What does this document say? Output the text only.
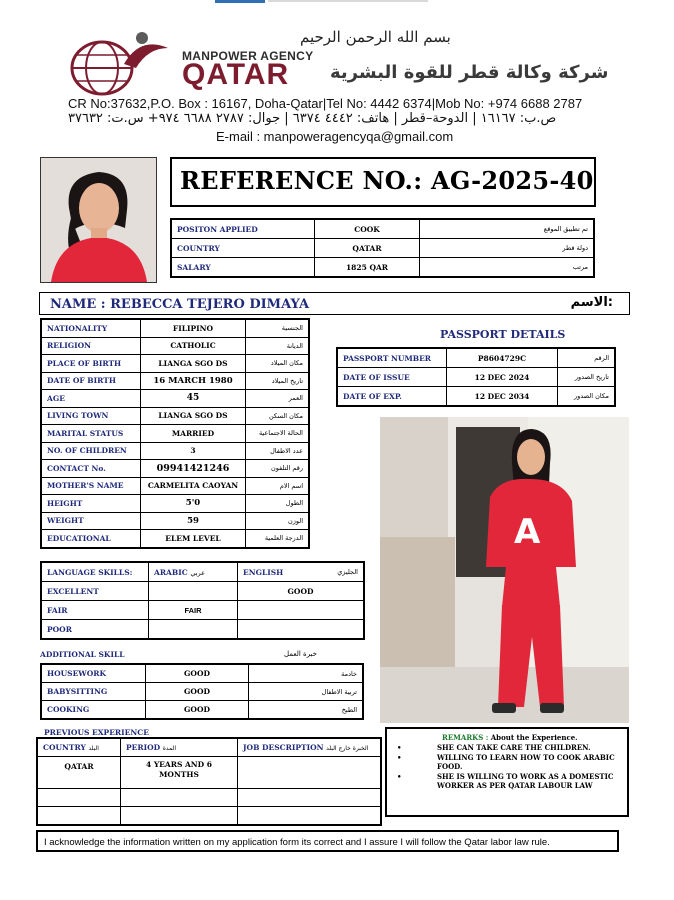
بسم الله الرحمن الرحيم
MANPOWER AGENCY
QATAR شركة وكالة قطر للقوة البشرية
CR No:37632,P.O. Box : 16167, Doha-Qatar|Tel No: 4442 6374|Mob No: +974 6688 2787
ص.ب: ١٦١٦٧ | الدوحة–قطر | هاتف: ٤٤٤٢ ٦٣٧٤ | جوال: ٢٧٨٧ ٦٦٨٨ ٩٧٤+ س.ت: ٣٧٦٣٢
E-mail : manpoweragencyqa@gmail.com
REFERENCE NO.: AG-2025-40
POSITON APPLIED	COOK	تم تطبيق الموقع
COUNTRY	QATAR	دولة قطر
SALARY	1825 QAR	مرتب
NAME : REBECCA TEJERO DIMAYA	الاسم:
NATIONALITY	FILIPINO	الجنسية
RELIGION	CATHOLIC	الديانة
PLACE OF BIRTH	LIANGA SGO DS	مكان الميلاد
DATE OF BIRTH	16 MARCH 1980	تاريخ الميلاد
AGE	45	العمر
LIVING TOWN	LIANGA SGO DS	مكان السكن
MARITAL STATUS	MARRIED	الحالة الاجتماعية
NO. OF CHILDREN	3	عدد الاطفال
CONTACT No.	09941421246	رقم التلفون
MOTHER'S NAME	CARMELITA CAOYAN	اسم الام
HEIGHT	5'0	الطول
WEIGHT	59	الوزن
EDUCATIONAL	ELEM LEVEL	الدرجة العلمية
PASSPORT DETAILS
PASSPORT NUMBER	P8604729C	الرقم
DATE OF ISSUE	12 DEC 2024	تاريخ الصدور
DATE OF EXP.	12 DEC 2034	مكان الصدور
A
LANGUAGE SKILLS:	ARABIC عربي	ENGLISH الجليزي

EXCELLENT		GOOD
FAIR	FAIR	
POOR		
ADDITIONAL SKILL	خبرة العمل
HOUSEWORK	GOOD	خادمة
BABYSITTING	GOOD	تربية الاطفال
COOKING	GOOD	الطبخ
PREVIOUS EXPERIENCE
COUNTRY البلد	PERIOD المدة	JOB DESCRIPTION الخبرة خارج البلد
QATAR	4 YEARS AND 6 MONTHS	

REMARKS : About the Experience.
• SHE CAN TAKE CARE THE CHILDREN.
• WILLING TO LEARN HOW TO COOK ARABIC FOOD.
• SHE IS WILLING TO WORK AS A DOMESTIC WORKER AS PER QATAR LABOUR LAW
I acknowledge the information written on my application form its correct and I assure I will follow the Qatar labor law rule.
